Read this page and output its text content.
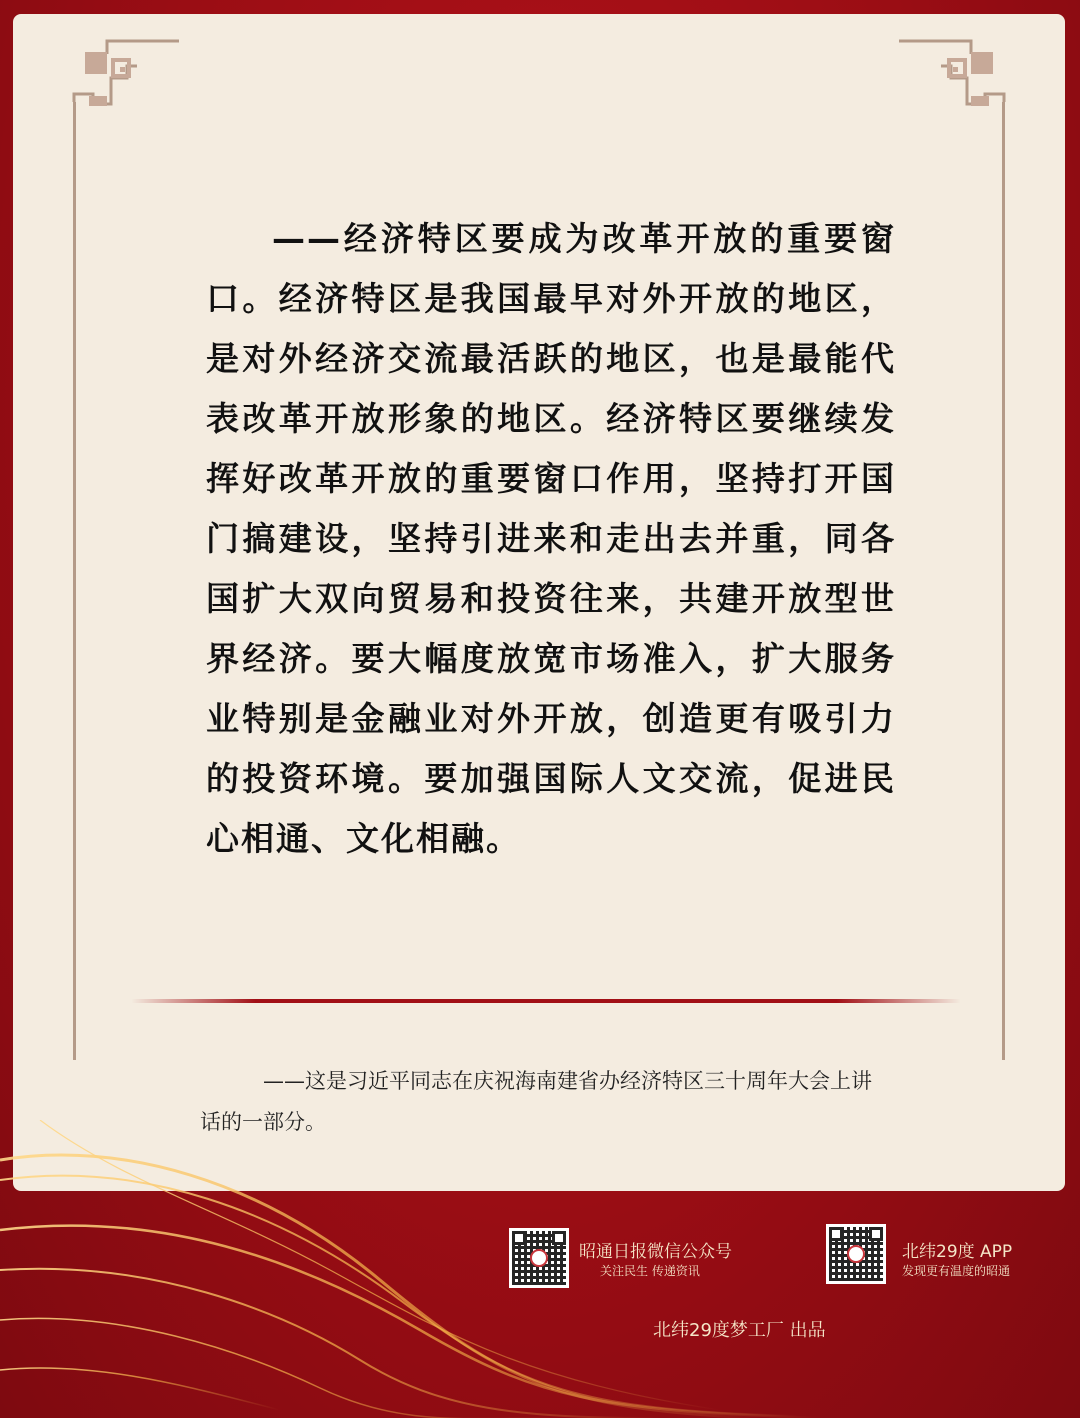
——经济特区要成为改革开放的重要窗口。经济特区是我国最早对外开放的地区，是对外经济交流最活跃的地区，也是最能代表改革开放形象的地区。经济特区要继续发挥好改革开放的重要窗口作用，坚持打开国门搞建设，坚持引进来和走出去并重，同各国扩大双向贸易和投资往来，共建开放型世界经济。要大幅度放宽市场准入，扩大服务业特别是金融业对外开放，创造更有吸引力的投资环境。要加强国际人文交流，促进民心相通、文化相融。
——这是习近平同志在庆祝海南建省办经济特区三十周年大会上讲话的一部分。
昭通日报微信公众号
关注民生 传递资讯
北纬29度 APP
发现更有温度的昭通
北纬29度梦工厂 出品
